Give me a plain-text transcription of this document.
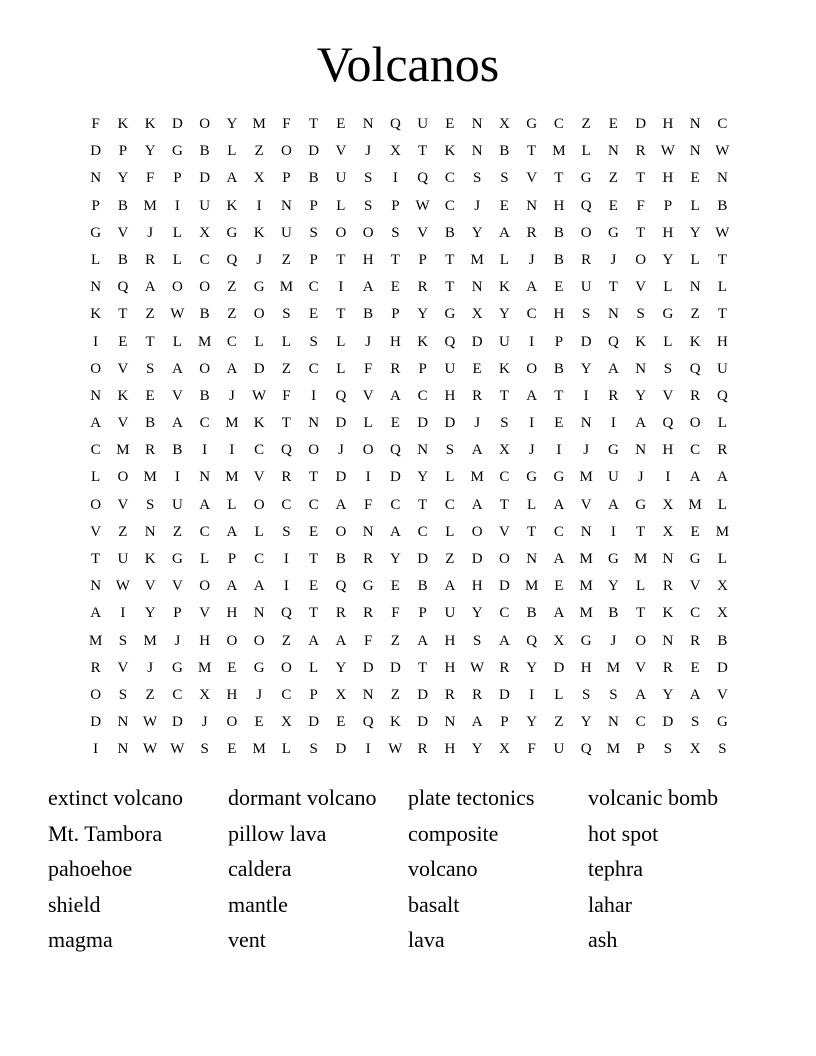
Volcanos
F	K	K	D	O	Y	M	F	T	E	N	Q	U	E	N	X	G	C	Z	E	D	H	N	C
D	P	Y	G	B	L	Z	O	D	V	J	X	T	K	N	B	T	M	L	N	R	W N W
N	Y	F	P	D	A	X	P	B	U	S	I	Q	C	S	S	V	T	G	Z	T	H	E	N
P	B	M	I	U	K	I	N	P	L	S	P	W	C	J	E	N	H	Q	E	F	P	L	B
G	V	J	L	X	G	K	U	S	O	O	S	V	B	Y	A	R	B	O	G	T	H	Y W
L	B	R	L	C	Q	J	Z	P	T	H	T	P	T	M	L	J	B	R	J	O	Y	L	T
N	Q	A	O	O	Z	G	M	C	I	A	E	R	T	N	K	A	E	U	T	V	L	N	L
K	T	Z	W	B	Z	O	S	E	T	B	P	Y	G	X	Y	C	H	S	N	S	G	Z	T
I	E	T	L	M	C	L	L	S	L	J	H	K	Q	D	U	I	P	D	Q	K	L	K	H
O	V	S	A	O	A	D	Z	C	L	F	R	P	U	E	K	O	B	Y	A	N	S	Q	U
N	K	E	V	B	J	W	F	I	Q	V	A	C	H	R	T	A	T	I	R	Y	V	R	Q
A	V	B	A	C	M	K	T	N	D	L	E	D	D	J	S	I	E	N	I	A	Q	O	L
C	M	R	B	I	I	C	Q	O	J	O	Q	N	S	A	X	J	I	J	G	N	H	C	R
L	O	M	I	N	M	V	R	T	D	I	D	Y	L	M	C	G	G	M	U	J	I	A	A
O	V	S	U	A	L	O	C	C	A	F	C	T	C	A	T	L	A	V	A	G	X	M	L
V	Z	N	Z	C	A	L	S	E	O	N	A	C	L	O	V	T	C	N	I	T	X	E	M
T	U	K	G	L	P	C	I	T	B	R	Y	D	Z	D	O	N	A	M	G	M	N	G	L
N W V	V	O	A	A	I	E	Q	G	E	B	A	H	D	M	E	M	Y	L	R	V	X
A	I	Y	P	V	H	N	Q	T	R	R	F	P	U	Y	C	B	A	M	B	T	K	C	X
M	S	M	J	H	O	O	Z	A	A	F	Z	A	H	S	A	Q	X	G	J	O	N	R	B
R	V	J	G	M	E	G	O	L	Y	D	D	T	H W	R	Y	D	H	M	V	R	E	D
O	S	Z	C	X	H	J	C	P	X	N	Z	D	R	R	D	I	L	S	S	A	Y	A	V
D	N W D	J	O	E	X	D	E	Q	K	D	N	A	P	Y	Z	Y	N	C	D	S	G
I	N W W	S	E	M	L	S	D	I	W	R	H	Y	X	F	U	Q	M	P	S	X	S
extinct volcano	dormant volcano	plate tectonics	volcanic bomb
Mt. Tambora	pillow lava	composite	hot spot
pahoehoe	caldera	volcano	tephra
shield	mantle	basalt	lahar
magma	vent	lava	ash
